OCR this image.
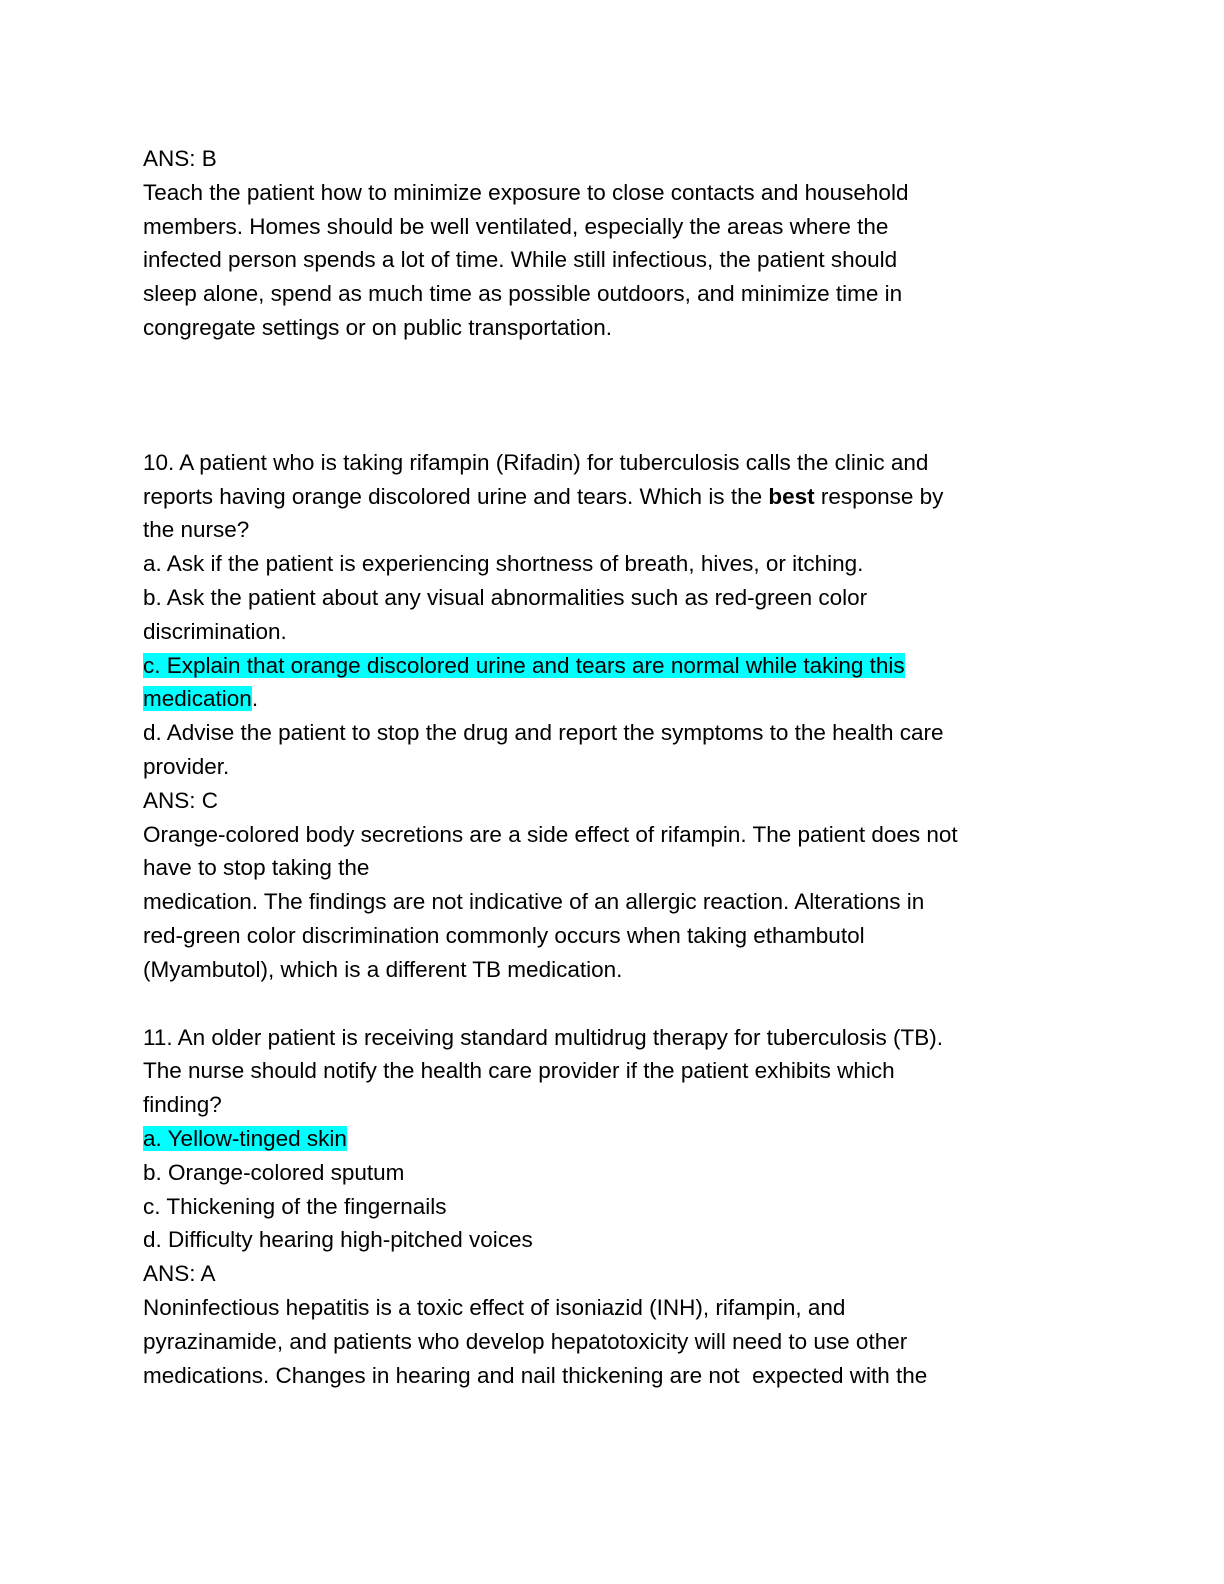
ANS: B
Teach the patient how to minimize exposure to close contacts and household
members. Homes should be well ventilated, especially the areas where the
infected person spends a lot of time. While still infectious, the patient should
sleep alone, spend as much time as possible outdoors, and minimize time in
congregate settings or on public transportation.
10. A patient who is taking rifampin (Rifadin) for tuberculosis calls the clinic and
reports having orange discolored urine and tears. Which is the best response by
the nurse?
a. Ask if the patient is experiencing shortness of breath, hives, or itching.
b. Ask the patient about any visual abnormalities such as red-green color
discrimination.
c. Explain that orange discolored urine and tears are normal while taking this
medication.
d. Advise the patient to stop the drug and report the symptoms to the health care
provider.
ANS: C
Orange-colored body secretions are a side effect of rifampin. The patient does not
have to stop taking the
medication. The findings are not indicative of an allergic reaction. Alterations in
red-green color discrimination commonly occurs when taking ethambutol
(Myambutol), which is a different TB medication.
11. An older patient is receiving standard multidrug therapy for tuberculosis (TB).
The nurse should notify the health care provider if the patient exhibits which
finding?
a. Yellow-tinged skin
b. Orange-colored sputum
c. Thickening of the fingernails
d. Difficulty hearing high-pitched voices
ANS: A
Noninfectious hepatitis is a toxic effect of isoniazid (INH), rifampin, and
pyrazinamide, and patients who develop hepatotoxicity will need to use other
medications. Changes in hearing and nail thickening are not  expected with the
